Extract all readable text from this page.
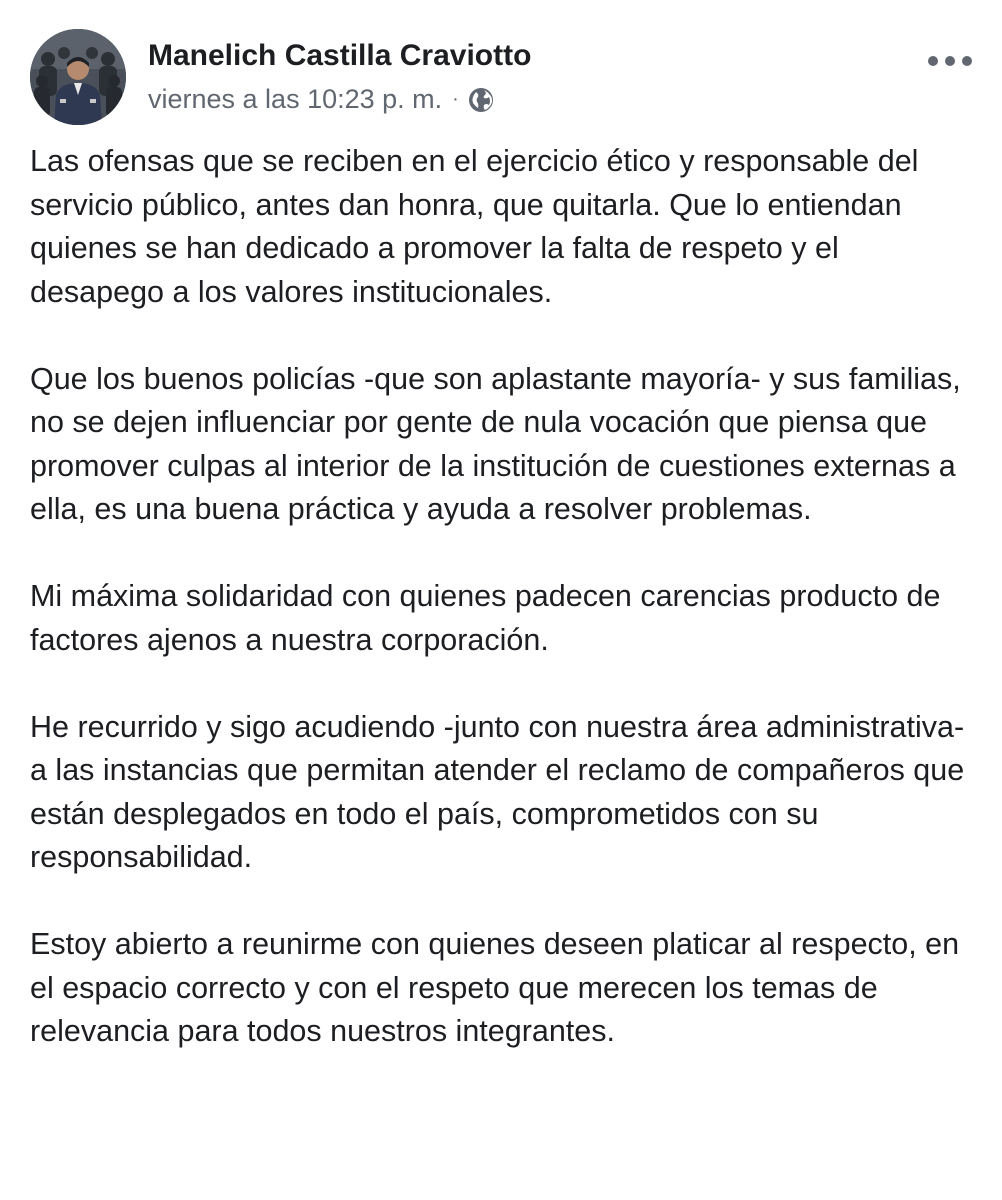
Manelich Castilla Craviotto
viernes a las 10:23 p. m. ·

Las ofensas que se reciben en el ejercicio ético y responsable del servicio público, antes dan honra, que quitarla. Que lo entiendan quienes se han dedicado a promover la falta de respeto y el desapego a los valores institucionales.

Que los buenos policías -que son aplastante mayoría- y sus familias, no se dejen influenciar por gente de nula vocación que piensa que promover culpas al interior de la institución de cuestiones externas a ella, es una buena práctica y ayuda a resolver problemas.

Mi máxima solidaridad con quienes padecen carencias producto de factores ajenos a nuestra corporación.

He recurrido y sigo acudiendo -junto con nuestra área administrativa- a las instancias que permitan atender el reclamo de compañeros que están desplegados en todo el país, comprometidos con su responsabilidad.

Estoy abierto a reunirme con quienes deseen platicar al respecto, en el espacio correcto y con el respeto que merecen los temas de relevancia para todos nuestros integrantes.
